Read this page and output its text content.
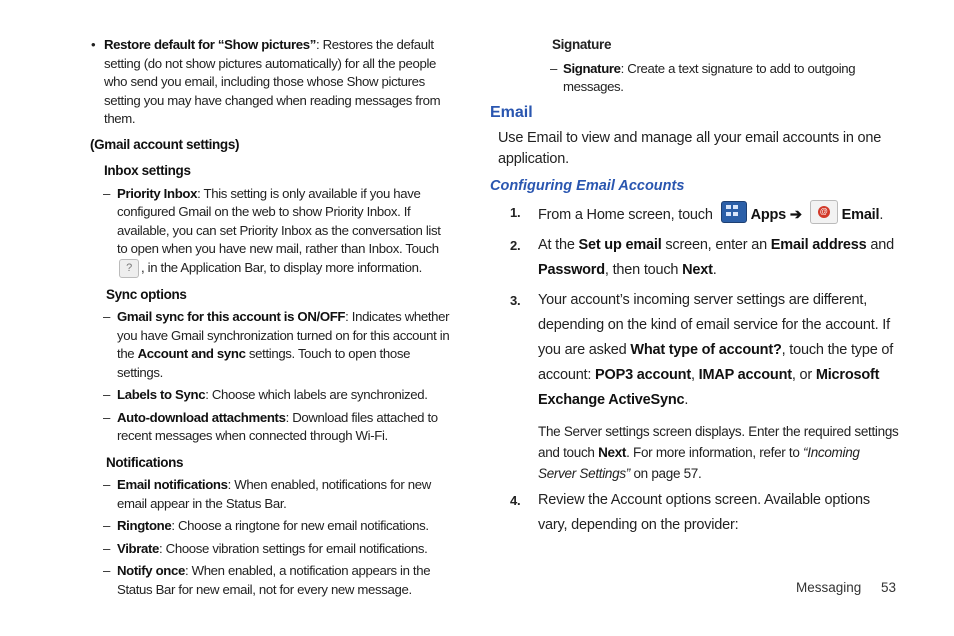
• Restore default for “Show pictures”: Restores the default setting (do not show pictures automatically) for all the people who send you email, including those whose Show pictures setting you may have changed when reading messages from them.
(Gmail account settings)
Inbox settings
– Priority Inbox: This setting is only available if you have configured Gmail on the web to show Priority Inbox. If available, you can set Priority Inbox as the conversation list to open when you have new mail, rather than Inbox. Touch ? , in the Application Bar, to display more information.
Sync options
– Gmail sync for this account is ON/OFF: Indicates whether you have Gmail synchronization turned on for this account in the Account and sync settings. Touch to open those settings.
– Labels to Sync: Choose which labels are synchronized.
– Auto-download attachments: Download files attached to recent messages when connected through Wi-Fi.
Notifications
– Email notifications: When enabled, notifications for new email appear in the Status Bar.
– Ringtone: Choose a ringtone for new email notifications.
– Vibrate: Choose vibration settings for email notifications.
– Notify once: When enabled, a notification appears in the Status Bar for new email, not for every new message.
Signature
– Signature: Create a text signature to add to outgoing messages.
Email
Use Email to view and manage all your email accounts in one application.
Configuring Email Accounts
1. From a Home screen, touch	Apps ➔ @ Email.
2. At the Set up email screen, enter an Email address and Password, then touch Next.
3. Your account’s incoming server settings are different, depending on the kind of email service for the account. If you are asked What type of account?, touch the type of account: POP3 account, IMAP account, or Microsoft Exchange ActiveSync.
The Server settings screen displays. Enter the required settings and touch Next. For more information, refer to “Incoming Server Settings” on page 57.
4. Review the Account options screen. Available options vary, depending on the provider:
Messaging 53
